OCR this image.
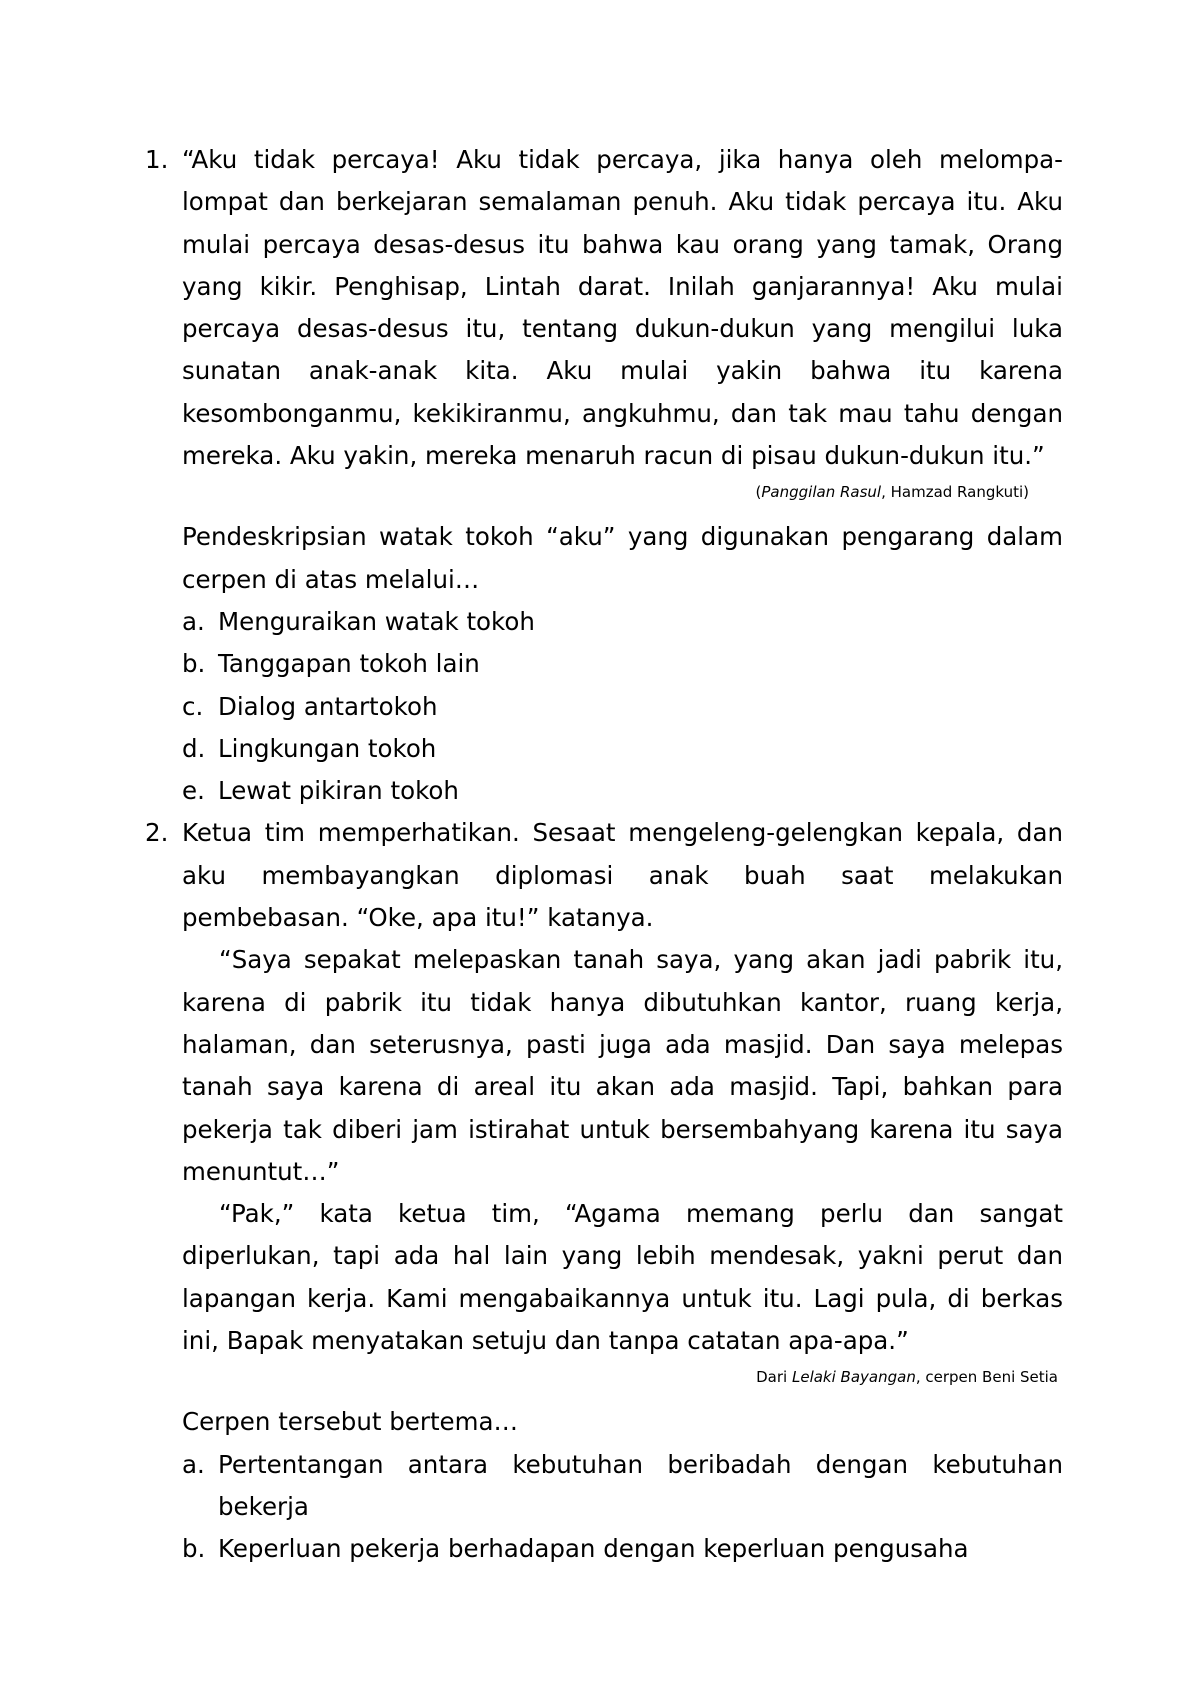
1. “Aku tidak percaya! Aku tidak percaya, jika hanya oleh melompa-lompat dan berkejaran semalaman penuh. Aku tidak percaya itu. Aku mulai percaya desas-desus itu bahwa kau orang yang tamak, Orang yang kikir. Penghisap, Lintah darat. Inilah ganjarannya! Aku mulai percaya desas-desus itu, tentang dukun-dukun yang mengilui luka sunatan anak-anak kita. Aku mulai yakin bahwa itu karena kesombonganmu, kekikiranmu, angkuhmu, dan tak mau tahu dengan mereka. Aku yakin, mereka menaruh racun di pisau dukun-dukun itu.”

(Panggilan Rasul, Hamzad Rangkuti)

Pendeskripsian watak tokoh “aku” yang digunakan pengarang dalam cerpen di atas melalui…

a. Menguraikan watak tokoh
b. Tanggapan tokoh lain
c. Dialog antartokoh
d. Lingkungan tokoh
e. Lewat pikiran tokoh
2. Ketua tim memperhatikan. Sesaat mengeleng-gelengkan kepala, dan aku membayangkan diplomasi anak buah saat melakukan pembebasan. “Oke, apa itu!” katanya.

“Saya sepakat melepaskan tanah saya, yang akan jadi pabrik itu, karena di pabrik itu tidak hanya dibutuhkan kantor, ruang kerja, halaman, dan seterusnya, pasti juga ada masjid. Dan saya melepas tanah saya karena di areal itu akan ada masjid. Tapi, bahkan para pekerja tak diberi jam istirahat untuk bersembahyang karena itu saya menuntut…”

“Pak,” kata ketua tim, “Agama memang perlu dan sangat diperlukan, tapi ada hal lain yang lebih mendesak, yakni perut dan lapangan kerja. Kami mengabaikannya untuk itu. Lagi pula, di berkas ini, Bapak menyatakan setuju dan tanpa catatan apa-apa.”

Dari Lelaki Bayangan, cerpen Beni Setia

Cerpen tersebut bertema…

a. Pertentangan antara kebutuhan beribadah dengan kebutuhan bekerja
b. Keperluan pekerja berhadapan dengan keperluan pengusaha
